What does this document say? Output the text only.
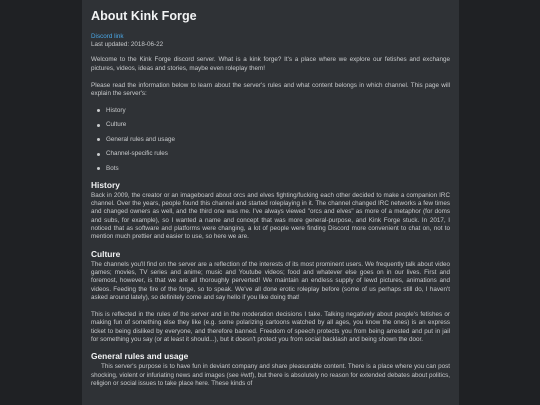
About Kink Forge
Discord link
Last updated: 2018-06-22

Welcome to the Kink Forge discord server. What is a kink forge? It's a place where we explore our fetishes and exchange pictures, videos, ideas and stories, maybe even roleplay them!

Please read the information below to learn about the server's rules and what content belongs in which channel. This page will explain the server's:

History
Culture
General rules and usage
Channel-specific rules
Bots
History

Back in 2009, the creator or an imageboard about orcs and elves fighting/fucking each other decided to make a companion IRC channel. Over the years, people found this channel and started roleplaying in it. The channel changed IRC networks a few times and changed owners as well, and the third one was me. I've always viewed "orcs and elves" as more of a metaphor (for doms and subs, for example), so I wanted a name and concept that was more general-purpose, and Kink Forge stuck. In 2017, I noticed that as software and platforms were changing, a lot of people were finding Discord more convenient to chat on, not to mention much prettier and easier to use, so here we are.

Culture

The channels you'll find on the server are a reflection of the interests of its most prominent users. We frequently talk about video games; movies, TV series and anime; music and Youtube videos; food and whatever else goes on in our lives. First and foremost, however, is that we are all thoroughly perverted! We maintain an endless supply of lewd pictures, animations and videos. Feeding the fire of the forge, so to speak. We've all done erotic roleplay before (some of us perhaps still do, I haven't asked around lately), so definitely come and say hello if you like doing that!

This is reflected in the rules of the server and in the moderation decisions I take. Talking negatively about people's fetishes or making fun of something else they like (e.g. some polarizing cartoons watched by all ages, you know the ones) is an express ticket to being disliked by everyone, and therefore banned. Freedom of speech protects you from being arrested and put in jail for something you say (or at least it should...), but it doesn't protect you from social backlash and being shown the door.

General rules and usage

This server's purpose is to have fun in deviant company and share pleasurable content. There is a place where you can post shocking, violent or infuriating news and images (see #wtf), but there is absolutely no reason for extended debates about politics, religion or social issues to take place here. These kinds of
